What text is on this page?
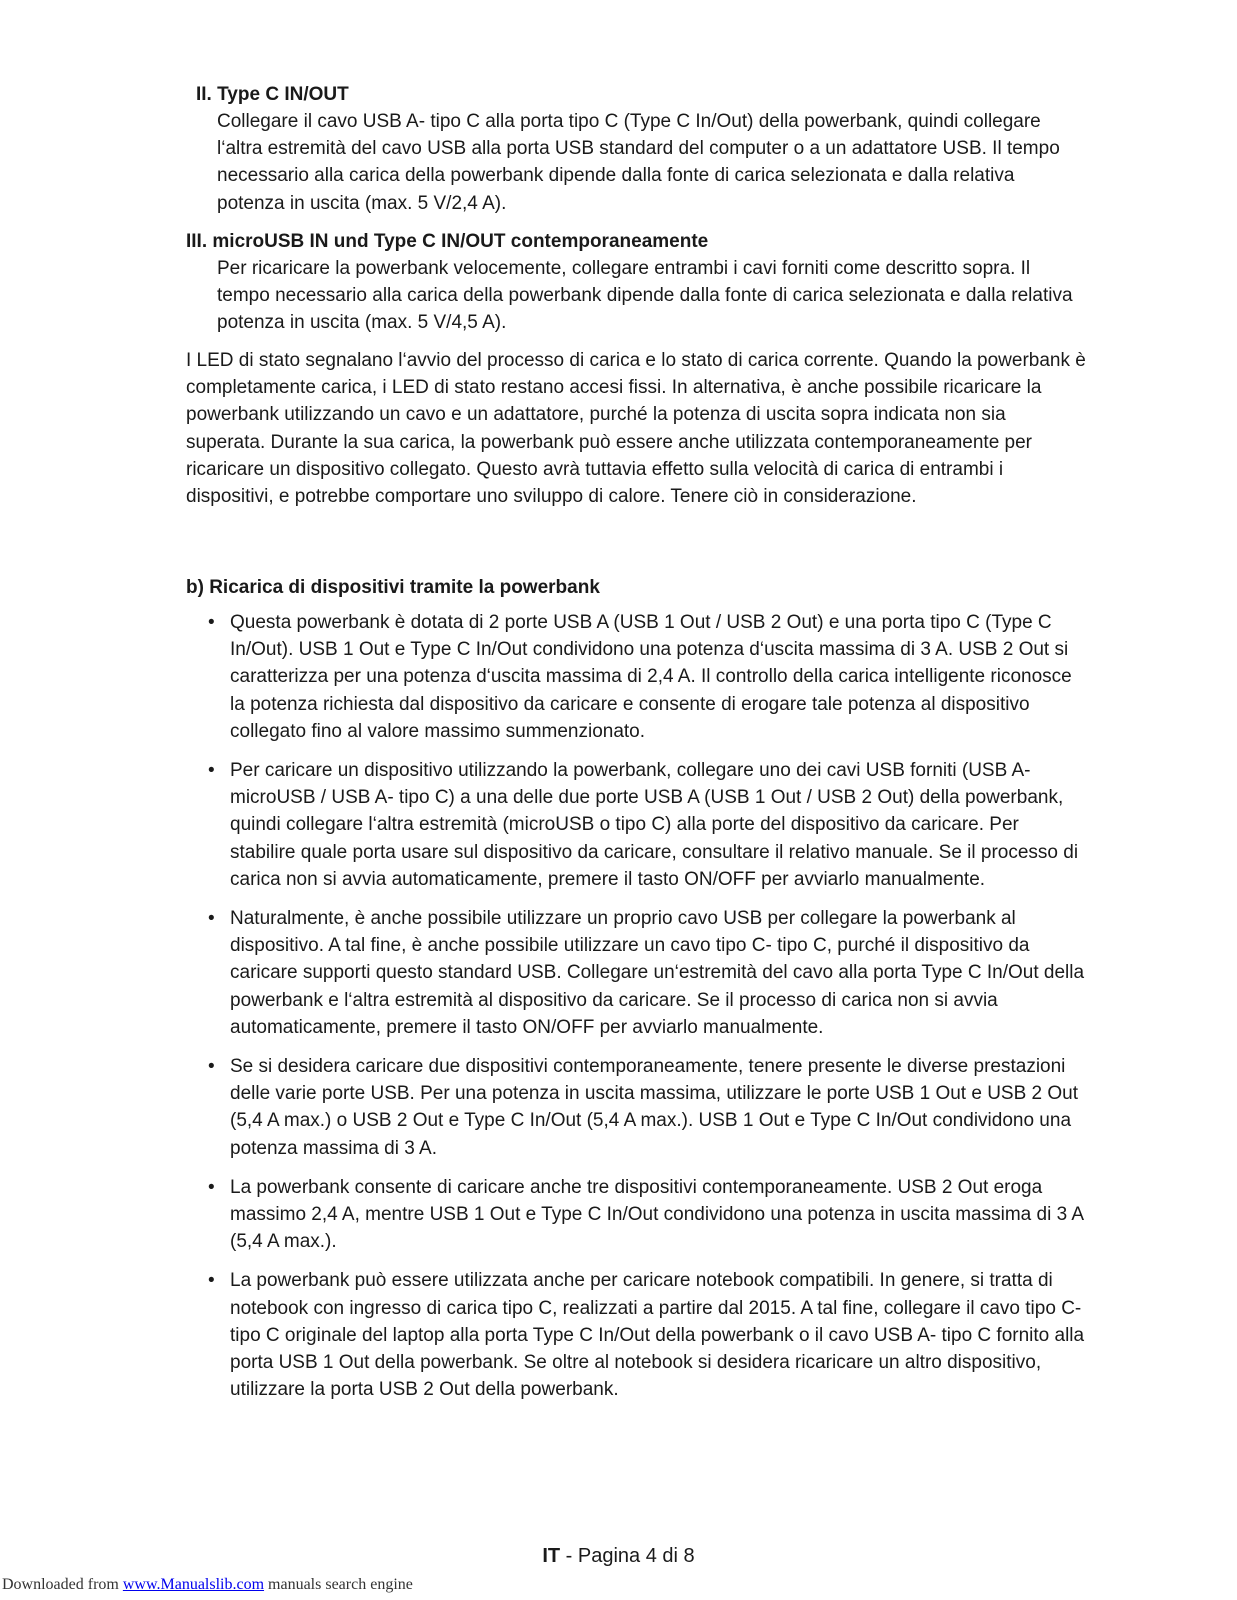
II. Type C IN/OUT

Collegare il cavo USB A- tipo C alla porta tipo C (Type C In/Out) della powerbank, quindi collegare l‘altra estremità del cavo USB alla porta USB standard del computer o a un adattatore USB. Il tempo necessario alla carica della powerbank dipende dalla fonte di carica selezionata e dalla relativa potenza in uscita (max. 5 V/2,4 A).

III. microUSB IN und Type C IN/OUT contemporaneamente

Per ricaricare la powerbank velocemente, collegare entrambi i cavi forniti come descritto sopra. Il tempo necessario alla carica della powerbank dipende dalla fonte di carica selezionata e dalla relativa potenza in uscita (max. 5 V/4,5 A).

I LED di stato segnalano l‘avvio del processo di carica e lo stato di carica corrente. Quando la powerbank è completamente carica, i LED di stato restano accesi fissi. In alternativa, è anche possibile ricaricare la powerbank utilizzando un cavo e un adattatore, purché la potenza di uscita sopra indicata non sia superata. Durante la sua carica, la powerbank può essere anche utilizzata contemporaneamente per ricaricare un dispositivo collegato. Questo avrà tuttavia effetto sulla velocità di carica di entrambi i dispositivi, e potrebbe comportare uno sviluppo di calore. Tenere ciò in considerazione.

b) Ricarica di dispositivi tramite la powerbank
• Questa powerbank è dotata di 2 porte USB A (USB 1 Out / USB 2 Out) e una porta tipo C (Type C In/Out). USB 1 Out e Type C In/Out condividono una potenza d‘uscita massima di 3 A. USB 2 Out si caratterizza per una potenza d‘uscita massima di 2,4 A. Il controllo della carica intelligente riconosce la potenza richiesta dal dispositivo da caricare e consente di erogare tale potenza al dispositivo collegato fino al valore massimo summenzionato.
• Per caricare un dispositivo utilizzando la powerbank, collegare uno dei cavi USB forniti (USB A- microUSB / USB A- tipo C) a una delle due porte USB A (USB 1 Out / USB 2 Out) della powerbank, quindi collegare l‘altra estremità (microUSB o tipo C) alla porte del dispositivo da caricare. Per stabilire quale porta usare sul dispositivo da caricare, consultare il relativo manuale. Se il processo di carica non si avvia automaticamente, premere il tasto ON/OFF per avviarlo manualmente.
• Naturalmente, è anche possibile utilizzare un proprio cavo USB per collegare la powerbank al dispositivo. A tal fine, è anche possibile utilizzare un cavo tipo C- tipo C, purché il dispositivo da caricare supporti questo standard USB. Collegare un‘estremità del cavo alla porta Type C In/Out della powerbank e l‘altra estremità al dispositivo da caricare. Se il processo di carica non si avvia automaticamente, premere il tasto ON/OFF per avviarlo manualmente.
• Se si desidera caricare due dispositivi contemporaneamente, tenere presente le diverse prestazioni delle varie porte USB. Per una potenza in uscita massima, utilizzare le porte USB 1 Out e USB 2 Out (5,4 A max.) o USB 2 Out e Type C In/Out (5,4 A max.). USB 1 Out e Type C In/Out condividono una potenza massima di 3 A.
• La powerbank consente di caricare anche tre dispositivi contemporaneamente. USB 2 Out eroga massimo 2,4 A, mentre USB 1 Out e Type C In/Out condividono una potenza in uscita massima di 3 A (5,4 A max.).
• La powerbank può essere utilizzata anche per caricare notebook compatibili. In genere, si tratta di notebook con ingresso di carica tipo C, realizzati a partire dal 2015. A tal fine, collegare il cavo tipo C- tipo C originale del laptop alla porta Type C In/Out della powerbank o il cavo USB A- tipo C fornito alla porta USB 1 Out della powerbank. Se oltre al notebook si desidera ricaricare un altro dispositivo, utilizzare la porta USB 2 Out della powerbank.
IT - Pagina 4 di 8
Downloaded from www.Manualslib.com manuals search engine
